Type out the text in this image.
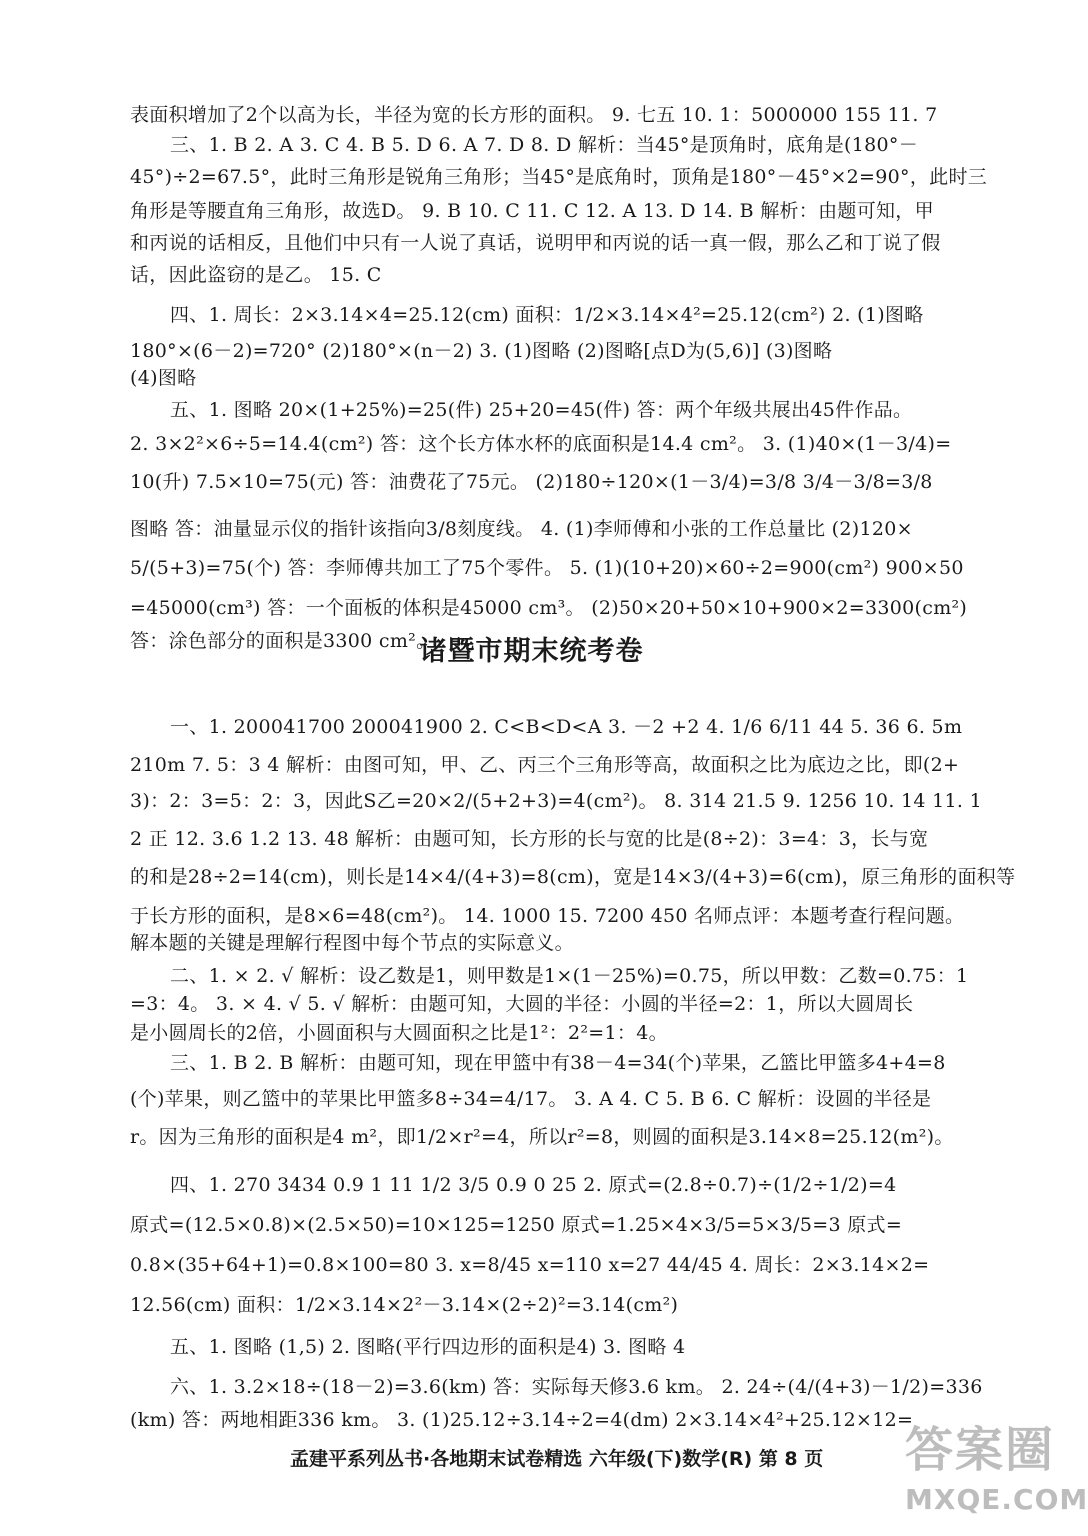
表面积增加了2个以高为长，半径为宽的长方形的面积。 9. 七五 10. 1：5000000 155 11. 7
三、1. B 2. A 3. C 4. B 5. D 6. A 7. D 8. D 解析：当45°是顶角时，底角是(180°－
45°)÷2=67.5°，此时三角形是锐角三角形；当45°是底角时，顶角是180°－45°×2=90°，此时三
角形是等腰直角三角形，故选D。 9. B 10. C 11. C 12. A 13. D 14. B 解析：由题可知，甲
和丙说的话相反，且他们中只有一人说了真话，说明甲和丙说的话一真一假，那么乙和丁说了假
话，因此盗窃的是乙。 15. C
四、1. 周长：2×3.14×4=25.12(cm) 面积：1/2×3.14×4²=25.12(cm²) 2. (1)图略
180°×(6－2)=720° (2)180°×(n－2) 3. (1)图略 (2)图略[点D为(5,6)] (3)图略
(4)图略
五、1. 图略 20×(1+25%)=25(件) 25+20=45(件) 答：两个年级共展出45件作品。
2. 3×2²×6÷5=14.4(cm²) 答：这个长方体水杯的底面积是14.4 cm²。 3. (1)40×(1－3/4)=
10(升) 7.5×10=75(元) 答：油费花了75元。 (2)180÷120×(1－3/4)=3/8 3/4－3/8=3/8
图略 答：油量显示仪的指针该指向3/8刻度线。 4. (1)李师傅和小张的工作总量比 (2)120×
5/(5+3)=75(个) 答：李师傅共加工了75个零件。 5. (1)(10+20)×60÷2=900(cm²) 900×50
=45000(cm³) 答：一个面板的体积是45000 cm³。 (2)50×20+50×10+900×2=3300(cm²)
答：涂色部分的面积是3300 cm²。
诸暨市期末统考卷
一、1. 200041700 200041900 2. C<B<D<A 3. －2 +2 4. 1/6 6/11 44 5. 36 6. 5m
210m 7. 5：3 4 解析：由图可知，甲、乙、丙三个三角形等高，故面积之比为底边之比，即(2+
3)：2：3=5：2：3，因此S乙=20×2/(5+2+3)=4(cm²)。 8. 314 21.5 9. 1256 10. 14 11. 1
2 正 12. 3.6 1.2 13. 48 解析：由题可知，长方形的长与宽的比是(8÷2)：3=4：3，长与宽
的和是28÷2=14(cm)，则长是14×4/(4+3)=8(cm)，宽是14×3/(4+3)=6(cm)，原三角形的面积等
于长方形的面积，是8×6=48(cm²)。 14. 1000 15. 7200 450 名师点评：本题考查行程问题。
解本题的关键是理解行程图中每个节点的实际意义。
二、1. × 2. √ 解析：设乙数是1，则甲数是1×(1－25%)=0.75，所以甲数：乙数=0.75：1
=3：4。 3. × 4. √ 5. √ 解析：由题可知，大圆的半径：小圆的半径=2：1，所以大圆周长
是小圆周长的2倍，小圆面积与大圆面积之比是1²：2²=1：4。
三、1. B 2. B 解析：由题可知，现在甲篮中有38－4=34(个)苹果，乙篮比甲篮多4+4=8
(个)苹果，则乙篮中的苹果比甲篮多8÷34=4/17。 3. A 4. C 5. B 6. C 解析：设圆的半径是
r。因为三角形的面积是4 m²，即1/2×r²=4，所以r²=8，则圆的面积是3.14×8=25.12(m²)。
四、1. 270 3434 0.9 1 11 1/2 3/5 0.9 0 25 2. 原式=(2.8÷0.7)÷(1/2÷1/2)=4
原式=(12.5×0.8)×(2.5×50)=10×125=1250 原式=1.25×4×3/5=5×3/5=3 原式=
0.8×(35+64+1)=0.8×100=80 3. x=8/45 x=110 x=27 44/45 4. 周长：2×3.14×2=
12.56(cm) 面积：1/2×3.14×2²－3.14×(2÷2)²=3.14(cm²)
五、1. 图略 (1,5) 2. 图略(平行四边形的面积是4) 3. 图略 4
六、1. 3.2×18÷(18－2)=3.6(km) 答：实际每天修3.6 km。 2. 24÷(4/(4+3)－1/2)=336
(km) 答：两地相距336 km。 3. (1)25.12÷3.14÷2=4(dm) 2×3.14×4²+25.12×12=
孟建平系列丛书·各地期末试卷精选 六年级(下)数学(R) 第 8 页	答案圈
MXQE.COM
